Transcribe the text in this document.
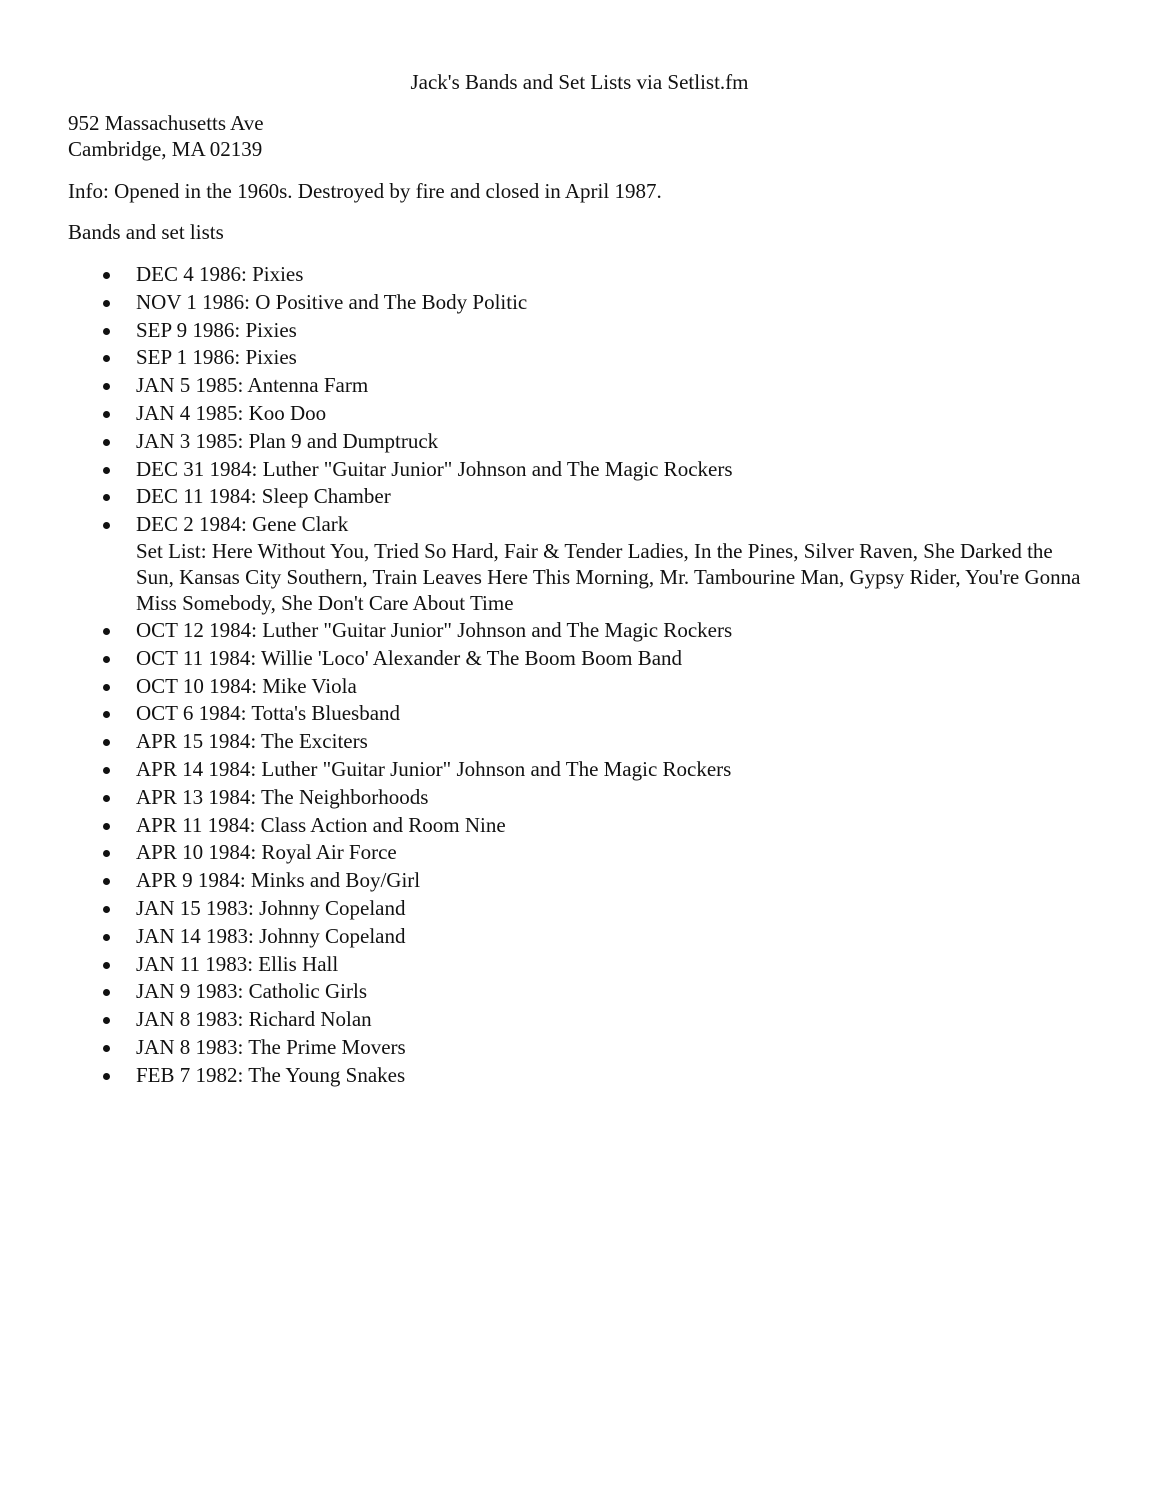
Jack's Bands and Set Lists via Setlist.fm
952 Massachusetts Ave
Cambridge, MA 02139
Info: Opened in the 1960s. Destroyed by fire and closed in April 1987.
Bands and set lists
DEC 4 1986: Pixies
NOV 1 1986: O Positive and The Body Politic
SEP 9 1986: Pixies
SEP 1 1986: Pixies
JAN 5 1985: Antenna Farm
JAN 4 1985: Koo Doo
JAN 3 1985: Plan 9 and Dumptruck
DEC 31 1984: Luther "Guitar Junior" Johnson and The Magic Rockers
DEC 11 1984: Sleep Chamber
DEC 2 1984: Gene Clark
Set List: Here Without You, Tried So Hard, Fair & Tender Ladies, In the Pines, Silver Raven, She Darked the Sun, Kansas City Southern, Train Leaves Here This Morning, Mr. Tambourine Man, Gypsy Rider, You're Gonna Miss Somebody, She Don't Care About Time
OCT 12 1984: Luther "Guitar Junior" Johnson and The Magic Rockers
OCT 11 1984: Willie 'Loco' Alexander & The Boom Boom Band
OCT 10 1984: Mike Viola
OCT 6 1984: Totta's Bluesband
APR 15 1984: The Exciters
APR 14 1984: Luther "Guitar Junior" Johnson and The Magic Rockers
APR 13 1984: The Neighborhoods
APR 11 1984: Class Action and Room Nine
APR 10 1984: Royal Air Force
APR 9 1984: Minks and Boy/Girl
JAN 15 1983: Johnny Copeland
JAN 14 1983: Johnny Copeland
JAN 11 1983: Ellis Hall
JAN 9 1983: Catholic Girls
JAN 8 1983: Richard Nolan
JAN 8 1983: The Prime Movers
FEB 7 1982: The Young Snakes
